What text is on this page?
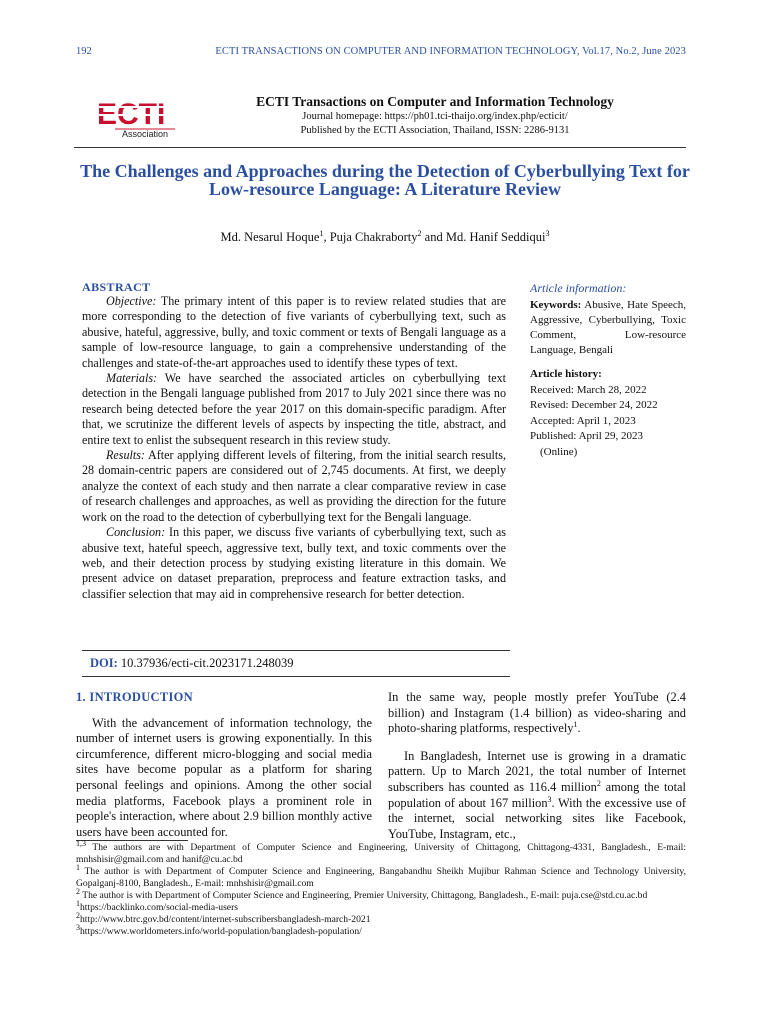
192	ECTI TRANSACTIONS ON COMPUTER AND INFORMATION TECHNOLOGY, Vol.17, No.2, June 2023
ECTI
Association
ECTI Transactions on Computer and Information Technology
Journal homepage: https://ph01.tci-thaijo.org/index.php/ecticit/
Published by the ECTI Association, Thailand, ISSN: 2286-9131
The Challenges and Approaches during the Detection of Cyberbullying Text for Low-resource Language: A Literature Review
Md. Nesarul Hoque$^1$, Puja Chakraborty$^2$ and Md. Hanif Seddiqui$^3$
ABSTRACT

Objective: The primary intent of this paper is to review related studies that are more corresponding to the detection of five variants of cyberbullying text, such as abusive, hateful, aggressive, bully, and toxic comment or texts of Bengali language as a sample of low-resource language, to gain a comprehensive understanding of the challenges and state-of-the-art approaches used to identify these types of text.

Materials: We have searched the associated articles on cyberbullying text detection in the Bengali language published from 2017 to July 2021 since there was no research being detected before the year 2017 on this domain-specific paradigm. After that, we scrutinize the different levels of aspects by inspecting the title, abstract, and entire text to enlist the subsequent research in this review study.

Results: After applying different levels of filtering, from the initial search results, 28 domain-centric papers are considered out of 2,745 documents. At first, we deeply analyze the context of each study and then narrate a clear comparative review in case of research challenges and approaches, as well as providing the direction for the future work on the road to the detection of cyberbullying text for the Bengali language.

Conclusion: In this paper, we discuss five variants of cyberbullying text, such as abusive text, hateful speech, aggressive text, bully text, and toxic comments over the web, and their detection process by studying existing literature in this domain. We present advice on dataset preparation, preprocess and feature extraction tasks, and classifier selection that may aid in comprehensive research for better detection.

Article information:
Keywords: Abusive, Hate Speech, Aggressive, Cyberbullying, Toxic Comment, Low-resource Language, Bengali
Article history:
Received: March 28, 2022
Revised: December 24, 2022
Accepted: April 1, 2023
Published: April 29, 2023
(Online)
DOI: 10.37936/ecti-cit.2023171.248039
1. INTRODUCTION

With the advancement of information technology, the number of internet users is growing exponentially. In this circumference, different micro-blogging and social media sites have become popular as a platform for sharing personal feelings and opinions. Among the other social media platforms, Facebook plays a prominent role in people's interaction, where about 2.9 billion monthly active users have been accounted for.

In the same way, people mostly prefer YouTube (2.4 billion) and Instagram (1.4 billion) as video-sharing and photo-sharing platforms, respectively$^1$.

In Bangladesh, Internet use is growing in a dramatic pattern. Up to March 2021, the total number of Internet subscribers has counted as 116.4 million$^2$ among the total population of about 167 million$^3$. With the excessive use of the internet, social networking sites like Facebook, YouTube, Instagram, etc.,

$^{1,3}$ The authors are with Department of Computer Science and Engineering, University of Chittagong, Chittagong-4331, Bangladesh., E-mail: mnhshisir@gmail.com and hanif@cu.ac.bd
$^1$ The author is with Department of Computer Science and Engineering, Bangabandhu Sheikh Mujibur Rahman Science and Technology University, Gopalganj-8100, Bangladesh., E-mail: mnhshisir@gmail.com
$^2$ The author is with Department of Computer Science and Engineering, Premier University, Chittagong, Bangladesh., E-mail: puja.cse@std.cu.ac.bd
$^1$https://backlinko.com/social-media-users
$^2$http://www.btrc.gov.bd/content/internet-subscribersbangladesh-march-2021
$^3$https://www.worldometers.info/world-population/bangladesh-population/
